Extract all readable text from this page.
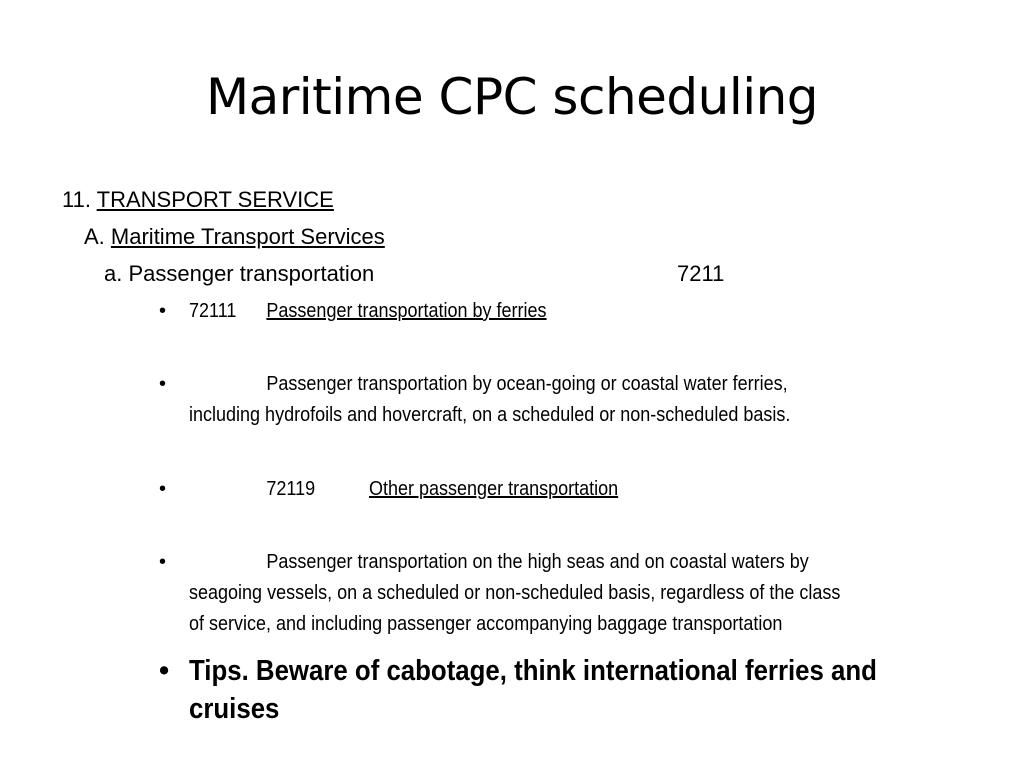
Maritime CPC scheduling
11. TRANSPORT SERVICE
A. Maritime Transport Services
a. Passenger transportation	7211
• 72111 Passenger transportation by ferries
•	Passenger transportation by ocean-going or coastal water ferries,
including hydrofoils and hovercraft, on a scheduled or non-scheduled basis.
•	72119	Other passenger transportation
•	Passenger transportation on the high seas and on coastal waters by
seagoing vessels, on a scheduled or non-scheduled basis, regardless of the class
of service, and including passenger accompanying baggage transportation
• Tips. Beware of cabotage, think international ferries and
cruises
